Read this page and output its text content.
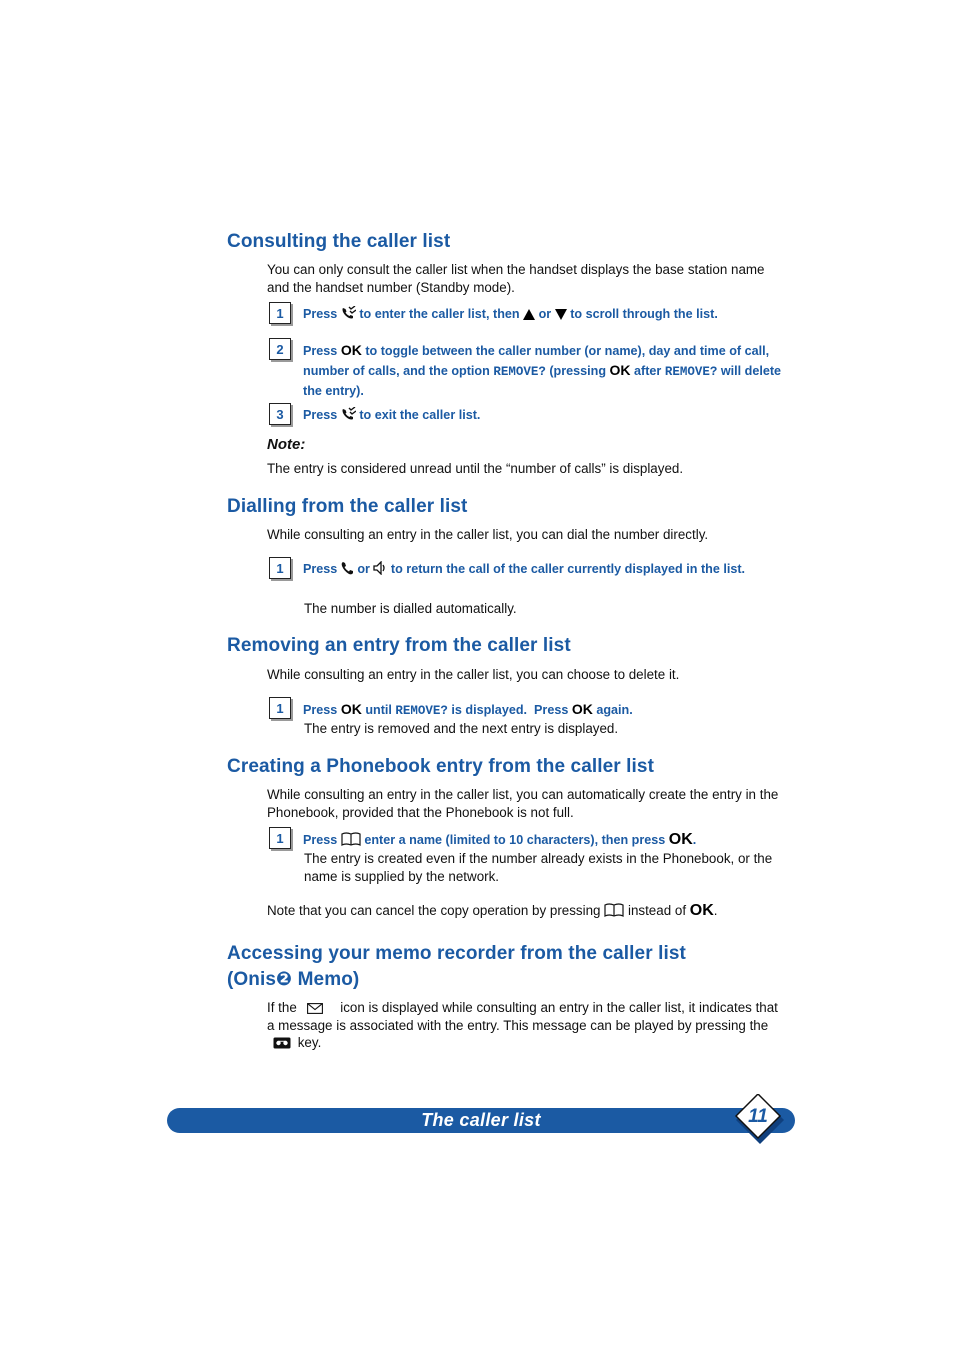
Consulting the caller list
You can only consult the caller list when the handset displays the base station name and the handset number (Standby mode).
1	Press to enter the caller list, then or to scroll through the list.
2	Press OK to toggle between the caller number (or name), day and time of call, number of calls, and the option REMOVE? (pressing OK after REMOVE? will delete the entry).
3	Press to exit the caller list.
Note:
The entry is considered unread until the “number of calls” is displayed.
Dialling from the caller list
While consulting an entry in the caller list, you can dial the number directly.
1	Press or to return the call of the caller currently displayed in the list.
The number is dialled automatically.
Removing an entry from the caller list
While consulting an entry in the caller list, you can choose to delete it.
1	Press OK until REMOVE? is displayed. Press OK again.
The entry is removed and the next entry is displayed.
Creating a Phonebook entry from the caller list
While consulting an entry in the caller list, you can automatically create the entry in the Phonebook, provided that the Phonebook is not full.
1	Press enter a name (limited to 10 characters), then press OK.
The entry is created even if the number already exists in the Phonebook, or the name is supplied by the network.
Note that you can cancel the copy operation by pressing instead of OK.
Accessing your memo recorder from the caller list
(Onis❷ Memo)
If the	icon is displayed while consulting an entry in the caller list, it indicates that a message is associated with the entry. This message can be played by pressing the
key.
The caller list	11
